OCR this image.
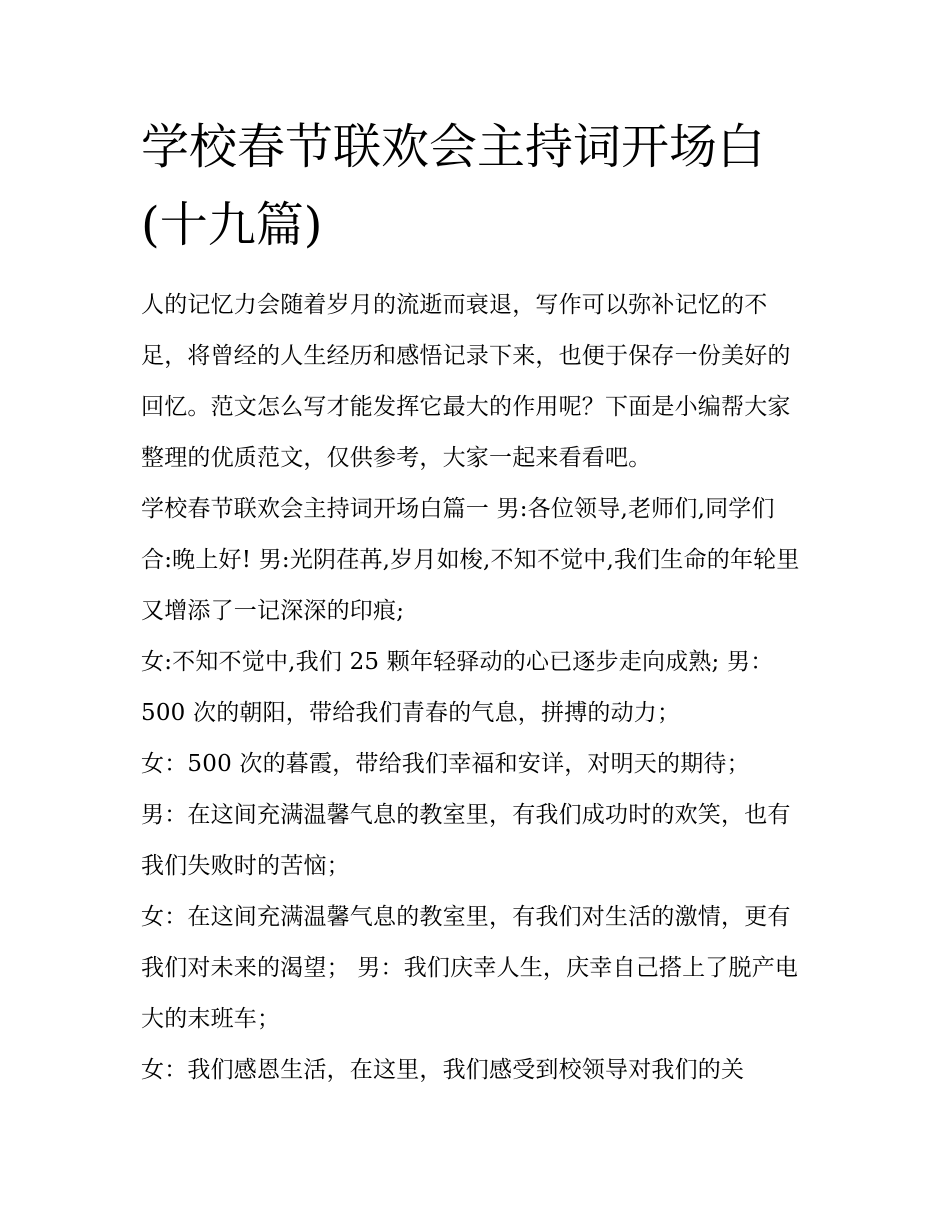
学校春节联欢会主持词开场白
(十九篇)

人的记忆力会随着岁月的流逝而衰退，写作可以弥补记忆的不足，将曾经的人生经历和感悟记录下来，也便于保存一份美好的回忆。范文怎么写才能发挥它最大的作用呢？下面是小编帮大家整理的优质范文，仅供参考，大家一起来看看吧。

学校春节联欢会主持词开场白篇一 男:各位领导,老师们,同学们 合:晚上好! 男:光阴荏苒,岁月如梭,不知不觉中,我们生命的年轮里又增添了一记深深的印痕;

女:不知不觉中,我们 25 颗年轻驿动的心已逐步走向成熟; 男：500 次的朝阳，带给我们青春的气息，拼搏的动力；

女：500 次的暮霞，带给我们幸福和安详，对明天的期待；

男：在这间充满温馨气息的教室里，有我们成功时的欢笑，也有我们失败时的苦恼；

女：在这间充满温馨气息的教室里，有我们对生活的激情，更有我们对未来的渴望； 男：我们庆幸人生，庆幸自己搭上了脱产电大的末班车；

女：我们感恩生活，在这里，我们感受到校领导对我们的关
